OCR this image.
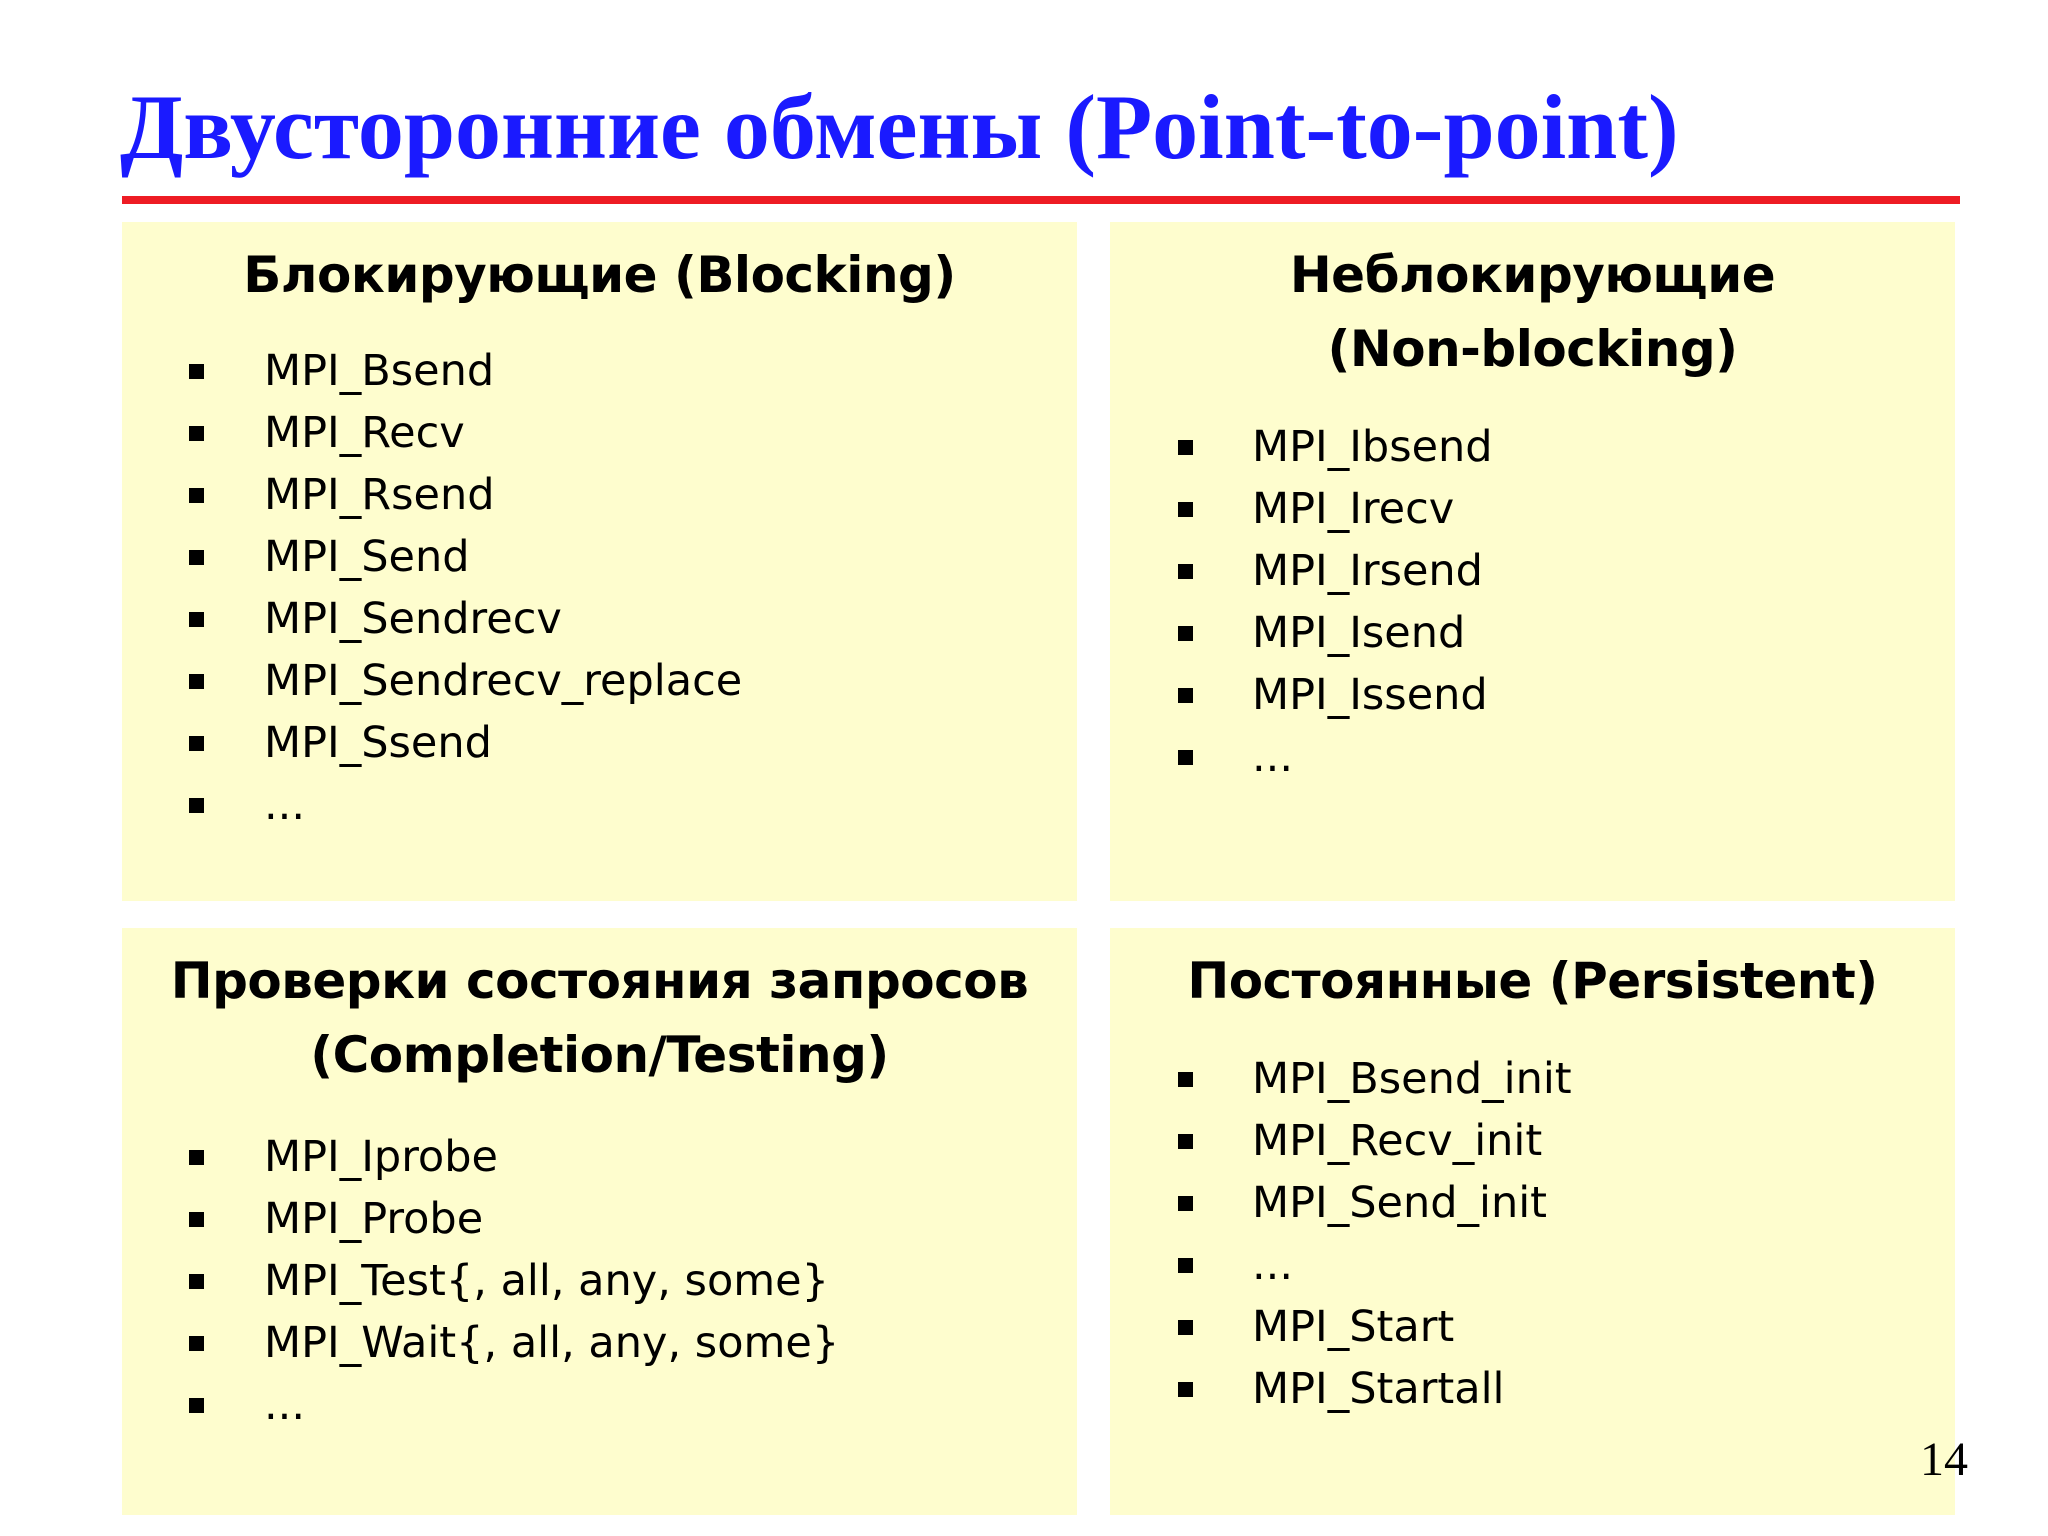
Двусторонние обмены (Point-to-point)
Блокирующие (Blocking)
MPI_Bsend
MPI_Recv
MPI_Rsend
MPI_Send
MPI_Sendrecv
MPI_Sendrecv_replace
MPI_Ssend
...
Неблокирующие
(Non-blocking)
MPI_Ibsend
MPI_Irecv
MPI_Irsend
MPI_Isend
MPI_Issend
...
Проверки состояния запросов
(Completion/Testing)
MPI_Iprobe
MPI_Probe
MPI_Test{, all, any, some}
MPI_Wait{, all, any, some}
...
Постоянные (Persistent)
MPI_Bsend_init
MPI_Recv_init
MPI_Send_init
...
MPI_Start
MPI_Startall
14
